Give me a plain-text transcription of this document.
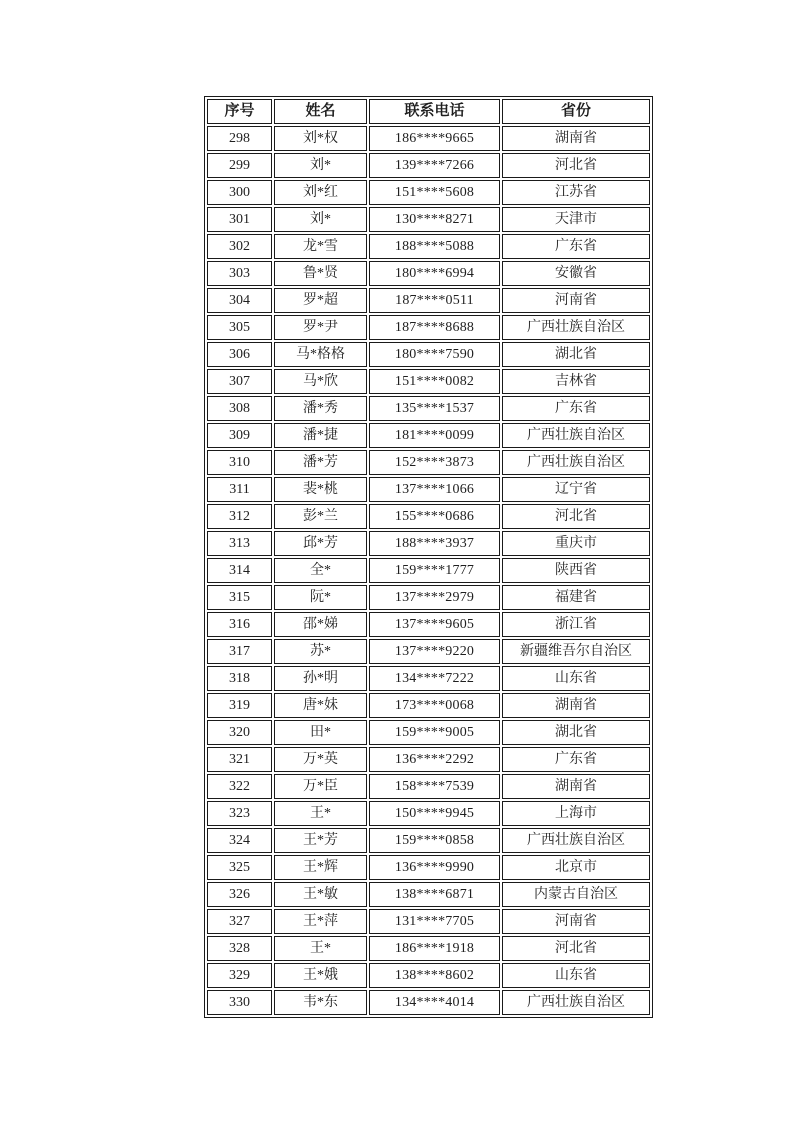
序号	姓名	联系电话	省份
298	刘*权	186****9665	湖南省
299	刘*	139****7266	河北省
300	刘*红	151****5608	江苏省
301	刘*	130****8271	天津市
302	龙*雪	188****5088	广东省
303	鲁*贤	180****6994	安徽省
304	罗*超	187****0511	河南省
305	罗*尹	187****8688	广西壮族自治区
306	马*格格	180****7590	湖北省
307	马*欣	151****0082	吉林省
308	潘*秀	135****1537	广东省
309	潘*捷	181****0099	广西壮族自治区
310	潘*芳	152****3873	广西壮族自治区
311	裴*桃	137****1066	辽宁省
312	彭*兰	155****0686	河北省
313	邱*芳	188****3937	重庆市
314	全*	159****1777	陕西省
315	阮*	137****2979	福建省
316	邵*娣	137****9605	浙江省
317	苏*	137****9220	新疆维吾尔自治区
318	孙*明	134****7222	山东省
319	唐*妹	173****0068	湖南省
320	田*	159****9005	湖北省
321	万*英	136****2292	广东省
322	万*臣	158****7539	湖南省
323	王*	150****9945	上海市
324	王*芳	159****0858	广西壮族自治区
325	王*辉	136****9990	北京市
326	王*敏	138****6871	内蒙古自治区
327	王*萍	131****7705	河南省
328	王*	186****1918	河北省
329	王*娥	138****8602	山东省
330	韦*东	134****4014	广西壮族自治区
